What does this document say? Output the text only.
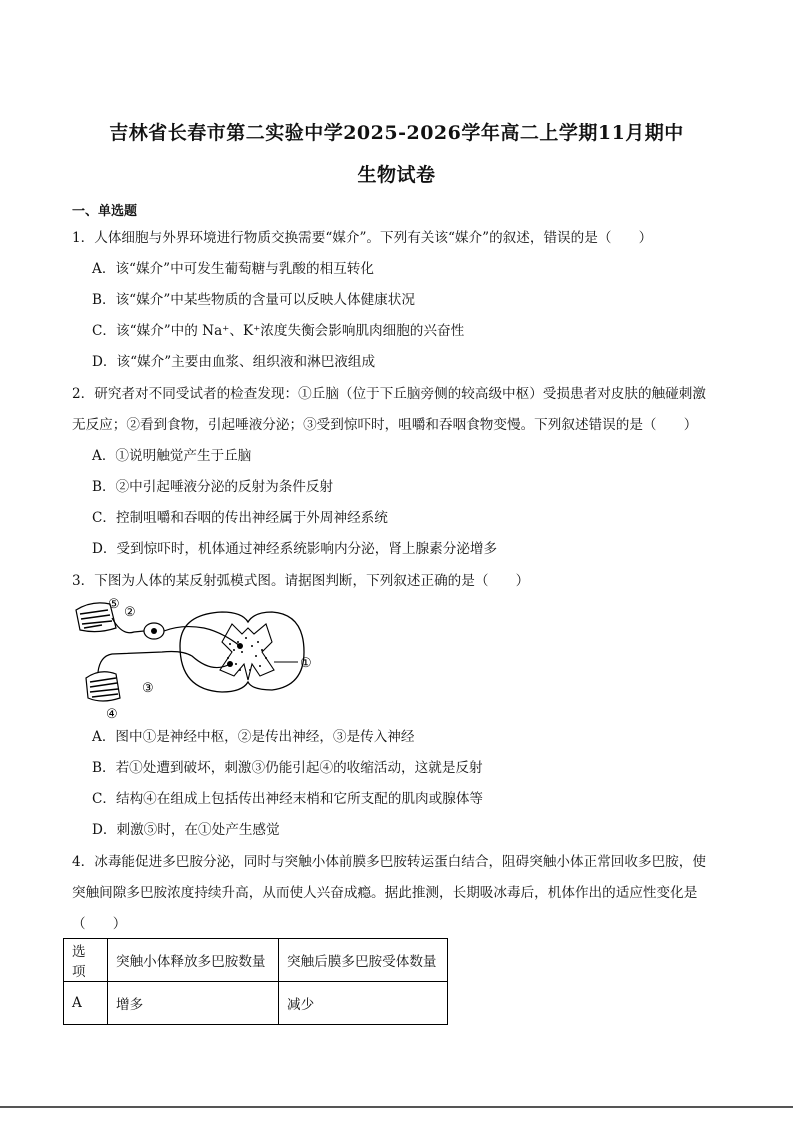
吉林省长春市第二实验中学2025-2026学年高二上学期11月期中
生物试卷
一、单选题
1．人体细胞与外界环境进行物质交换需要“媒介”。下列有关该“媒介”的叙述，错误的是（　　）
A．该“媒介”中可发生葡萄糖与乳酸的相互转化
B．该“媒介”中某些物质的含量可以反映人体健康状况
C．该“媒介”中的 Na⁺、K⁺浓度失衡会影响肌肉细胞的兴奋性
D．该“媒介”主要由血浆、组织液和淋巴液组成
2．研究者对不同受试者的检查发现：①丘脑（位于下丘脑旁侧的较高级中枢）受损患者对皮肤的触碰刺激
无反应；②看到食物，引起唾液分泌；③受到惊吓时，咀嚼和吞咽食物变慢。下列叙述错误的是（　　）
A．①说明触觉产生于丘脑
B．②中引起唾液分泌的反射为条件反射
C．控制咀嚼和吞咽的传出神经属于外周神经系统
D．受到惊吓时，机体通过神经系统影响内分泌，肾上腺素分泌增多
3．下图为人体的某反射弧模式图。请据图判断，下列叙述正确的是（　　）
⑤
②
①
③
④
A．图中①是神经中枢，②是传出神经，③是传入神经
B．若①处遭到破坏，刺激③仍能引起④的收缩活动，这就是反射
C．结构④在组成上包括传出神经末梢和它所支配的肌肉或腺体等
D．刺激⑤时，在①处产生感觉
4．冰毒能促进多巴胺分泌，同时与突触小体前膜多巴胺转运蛋白结合，阻碍突触小体正常回收多巴胺，使
突触间隙多巴胺浓度持续升高，从而使人兴奋成瘾。据此推测，长期吸冰毒后，机体作出的适应性变化是
（　　）
选项	突触小体释放多巴胺数量	突触后膜多巴胺受体数量
A	增多	减少
